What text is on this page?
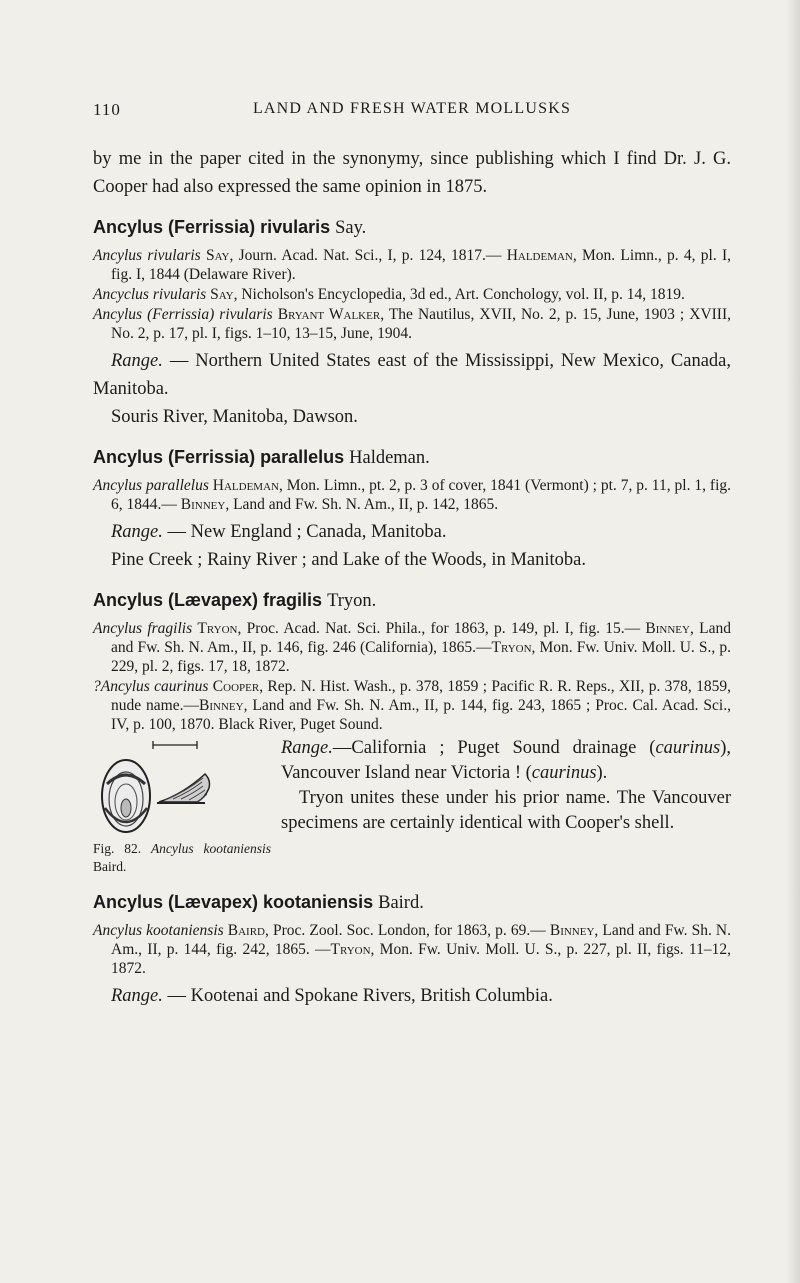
110	LAND AND FRESH WATER MOLLUSKS

by me in the paper cited in the synonymy, since publishing which I find Dr. J. G. Cooper had also expressed the same opinion in 1875.

Ancylus (Ferrissia) rivularis Say.

Ancylus rivularis Say, Journ. Acad. Nat. Sci., I, p. 124, 1817.— Haldeman, Mon. Limn., p. 4, pl. I, fig. I, 1844 (Delaware River).

Ancyclus rivularis Say, Nicholson's Encyclopedia, 3d ed., Art. Conchology, vol. II, p. 14, 1819.

Ancylus (Ferrissia) rivularis Bryant Walker, The Nautilus, XVII, No. 2, p. 15, June, 1903 ; XVIII, No. 2, p. 17, pl. I, figs. 1–10, 13–15, June, 1904.

Range. — Northern United States east of the Mississippi, New Mexico, Canada, Manitoba.

Souris River, Manitoba, Dawson.

Ancylus (Ferrissia) parallelus Haldeman.

Ancylus parallelus Haldeman, Mon. Limn., pt. 2, p. 3 of cover, 1841 (Vermont) ; pt. 7, p. 11, pl. 1, fig. 6, 1844.— Binney, Land and Fw. Sh. N. Am., II, p. 142, 1865.

Range. — New England ; Canada, Manitoba.

Pine Creek ; Rainy River ; and Lake of the Woods, in Manitoba.

Ancylus (Lævapex) fragilis Tryon.

Ancylus fragilis Tryon, Proc. Acad. Nat. Sci. Phila., for 1863, p. 149, pl. I, fig. 15.— Binney, Land and Fw. Sh. N. Am., II, p. 146, fig. 246 (California), 1865.—Tryon, Mon. Fw. Univ. Moll. U. S., p. 229, pl. 2, figs. 17, 18, 1872.

?Ancylus caurinus Cooper, Rep. N. Hist. Wash., p. 378, 1859 ; Pacific R. R. Reps., XII, p. 378, 1859, nude name.—Binney, Land and Fw. Sh. N. Am., II, p. 144, fig. 243, 1865 ; Proc. Cal. Acad. Sci., IV, p. 100, 1870. Black River, Puget Sound.

Fig. 82. Ancylus kootaniensis Baird.

Range.—California ; Puget Sound drainage (caurinus), Vancouver Island near Victoria ! (caurinus).

Tryon unites these under his prior name. The Vancouver specimens are certainly identical with Cooper's shell.

Ancylus (Lævapex) kootaniensis Baird.

Ancylus kootaniensis Baird, Proc. Zool. Soc. London, for 1863, p. 69.— Binney, Land and Fw. Sh. N. Am., II, p. 144, fig. 242, 1865. —Tryon, Mon. Fw. Univ. Moll. U. S., p. 227, pl. II, figs. 11–12, 1872.

Range. — Kootenai and Spokane Rivers, British Columbia.
